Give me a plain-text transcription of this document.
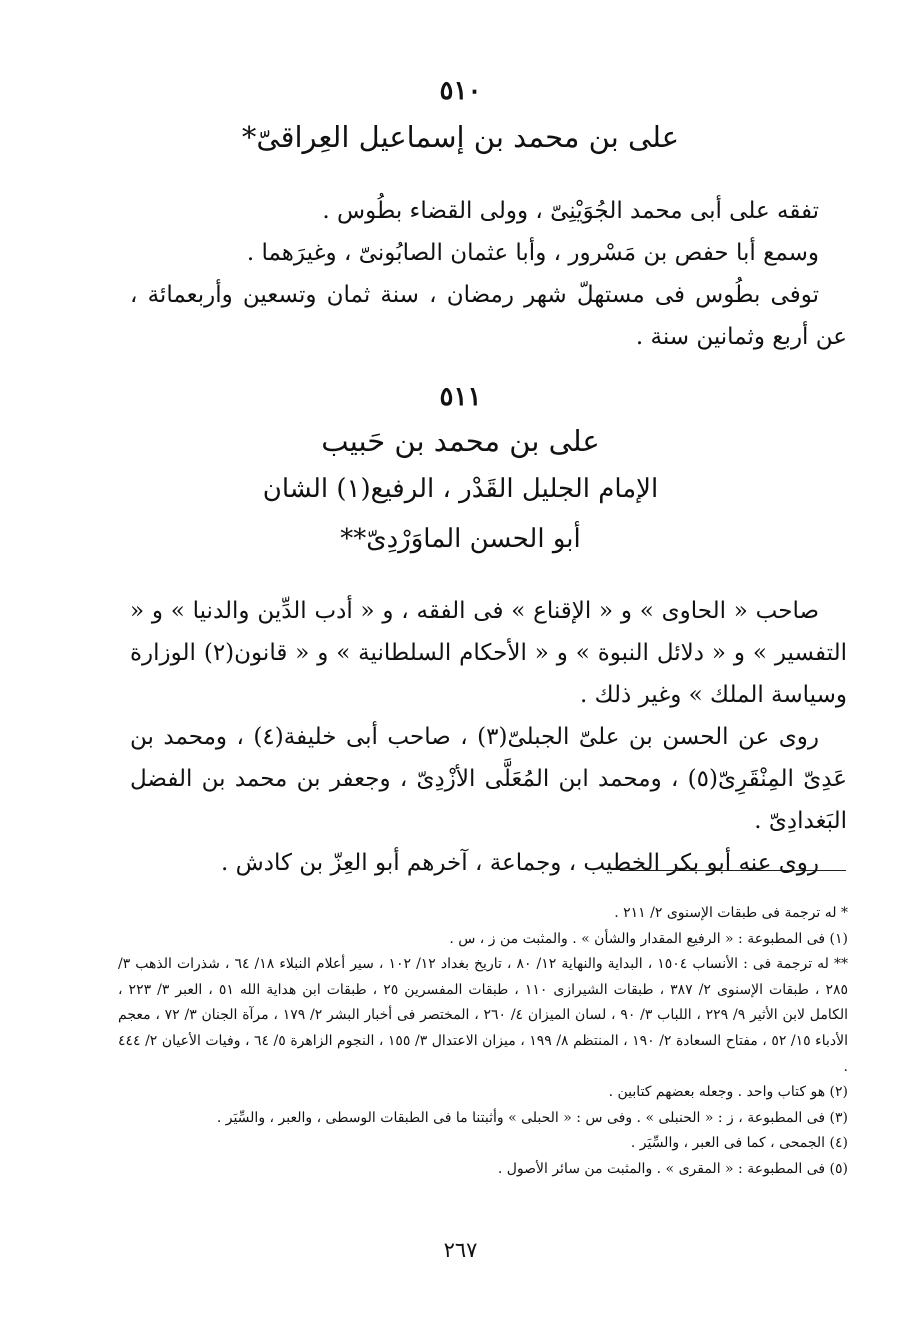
٥١٠
على بن محمد بن إسماعيل العِراقىّ*

تفقه على أبى محمد الجُوَيْنِىّ ، وولى القضاء بطُوس .

وسمع أبا حفص بن مَسْرور ، وأبا عثمان الصابُونىّ ، وغيرَهما .

توفى بطُوس فى مستهلّ شهر رمضان ، سنة ثمان وتسعين وأربعمائة ، عن أربع وثمانين سنة .

٥١١
على بن محمد بن حَبيب
الإمام الجليل القَدْر ، الرفيع(١) الشان
أبو الحسن الماوَرْدِىّ**

صاحب « الحاوى » و « الإقناع » فى الفقه ، و « أدب الدِّين والدنيا » و « التفسير » و « دلائل النبوة » و « الأحكام السلطانية » و « قانون(٢) الوزارة وسياسة الملك » وغير ذلك .

روى عن الحسن بن علىّ الجبلىّ(٣) ، صاحب أبى خليفة(٤) ، ومحمد بن عَدِىّ المِنْقَرِىّ(٥) ، ومحمد ابن المُعَلَّى الأزْدِىّ ، وجعفر بن محمد بن الفضل البَغدادِىّ .

روى عنه أبو بكر الخطيب ، وجماعة ، آخرهم أبو العِزّ بن كادش .

* له ترجمة فى طبقات الإسنوى ٢/ ٢١١ .

(١) فى المطبوعة : « الرفيع المقدار والشأن » . والمثبت من ز ، س .

** له ترجمة فى : الأنساب ١٥٠٤ ، البداية والنهاية ١٢/ ٨٠ ، تاريخ بغداد ١٢/ ١٠٢ ، سير أعلام النبلاء ١٨/ ٦٤ ، شذرات الذهب ٣/ ٢٨٥ ، طبقات الإسنوى ٢/ ٣٨٧ ، طبقات الشيرازى ١١٠ ، طبقات المفسرين ٢٥ ، طبقات ابن هداية الله ٥١ ، العبر ٣/ ٢٢٣ ، الكامل لابن الأثير ٩/ ٢٢٩ ، اللباب ٣/ ٩٠ ، لسان الميزان ٤/ ٢٦٠ ، المختصر فى أخبار البشر ٢/ ١٧٩ ، مرآة الجنان ٣/ ٧٢ ، معجم الأدباء ١٥/ ٥٢ ، مفتاح السعادة ٢/ ١٩٠ ، المنتظم ٨/ ١٩٩ ، ميزان الاعتدال ٣/ ١٥٥ ، النجوم الزاهرة ٥/ ٦٤ ، وفيات الأعيان ٢/ ٤٤٤ .

(٢) هو كتاب واحد . وجعله بعضهم كتابين .

(٣) فى المطبوعة ، ز : « الحنبلى » . وفى س : « الحبلى » وأثبتنا ما فى الطبقات الوسطى ، والعبر ، والسِّيَر .

(٤) الجمحى ، كما فى العبر ، والسِّيَر .

(٥) فى المطبوعة : « المقرى » . والمثبت من سائر الأصول .

٢٦٧
